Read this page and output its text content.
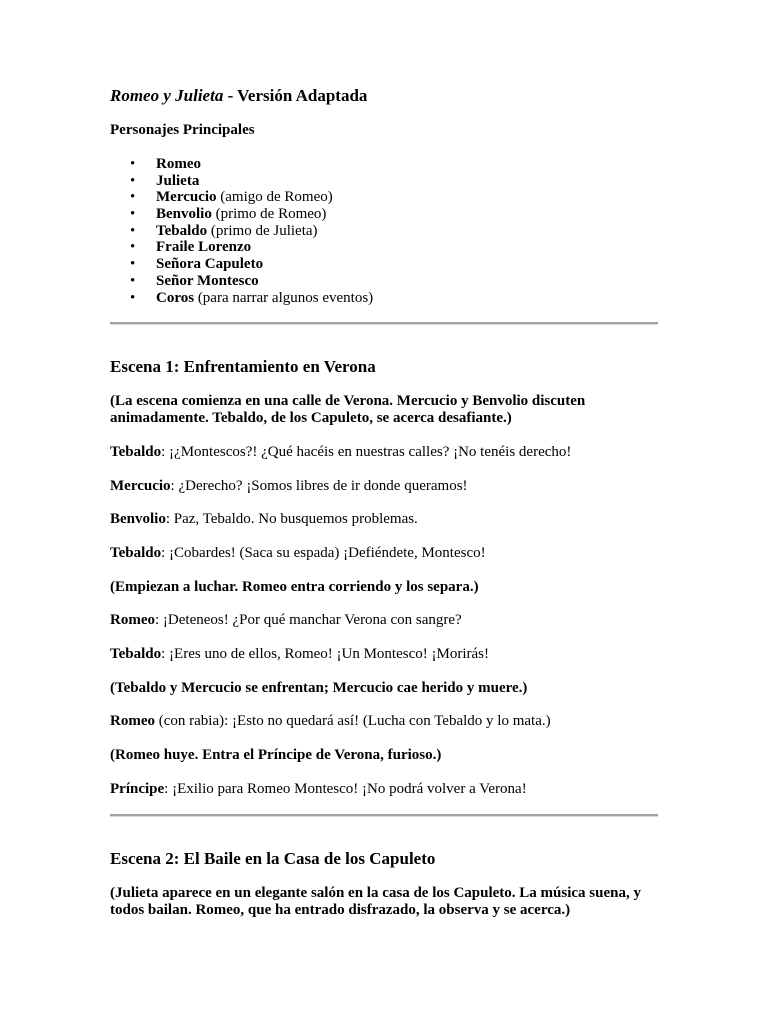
Romeo y Julieta - Versión Adaptada

Personajes Principales

• Romeo
• Julieta
• Mercucio (amigo de Romeo)
• Benvolio (primo de Romeo)
• Tebaldo (primo de Julieta)
• Fraile Lorenzo
• Señora Capuleto
• Señor Montesco
• Coros (para narrar algunos eventos)
Escena 1: Enfrentamiento en Verona

(La escena comienza en una calle de Verona. Mercucio y Benvolio discuten animadamente. Tebaldo, de los Capuleto, se acerca desafiante.)

Tebaldo: ¡¿Montescos?! ¿Qué hacéis en nuestras calles? ¡No tenéis derecho!

Mercucio: ¿Derecho? ¡Somos libres de ir donde queramos!

Benvolio: Paz, Tebaldo. No busquemos problemas.

Tebaldo: ¡Cobardes! (Saca su espada) ¡Defiéndete, Montesco!

(Empiezan a luchar. Romeo entra corriendo y los separa.)

Romeo: ¡Deteneos! ¿Por qué manchar Verona con sangre?

Tebaldo: ¡Eres uno de ellos, Romeo! ¡Un Montesco! ¡Morirás!

(Tebaldo y Mercucio se enfrentan; Mercucio cae herido y muere.)

Romeo (con rabia): ¡Esto no quedará así! (Lucha con Tebaldo y lo mata.)

(Romeo huye. Entra el Príncipe de Verona, furioso.)

Príncipe: ¡Exilio para Romeo Montesco! ¡No podrá volver a Verona!

Escena 2: El Baile en la Casa de los Capuleto

(Julieta aparece en un elegante salón en la casa de los Capuleto. La música suena, y todos bailan. Romeo, que ha entrado disfrazado, la observa y se acerca.)
